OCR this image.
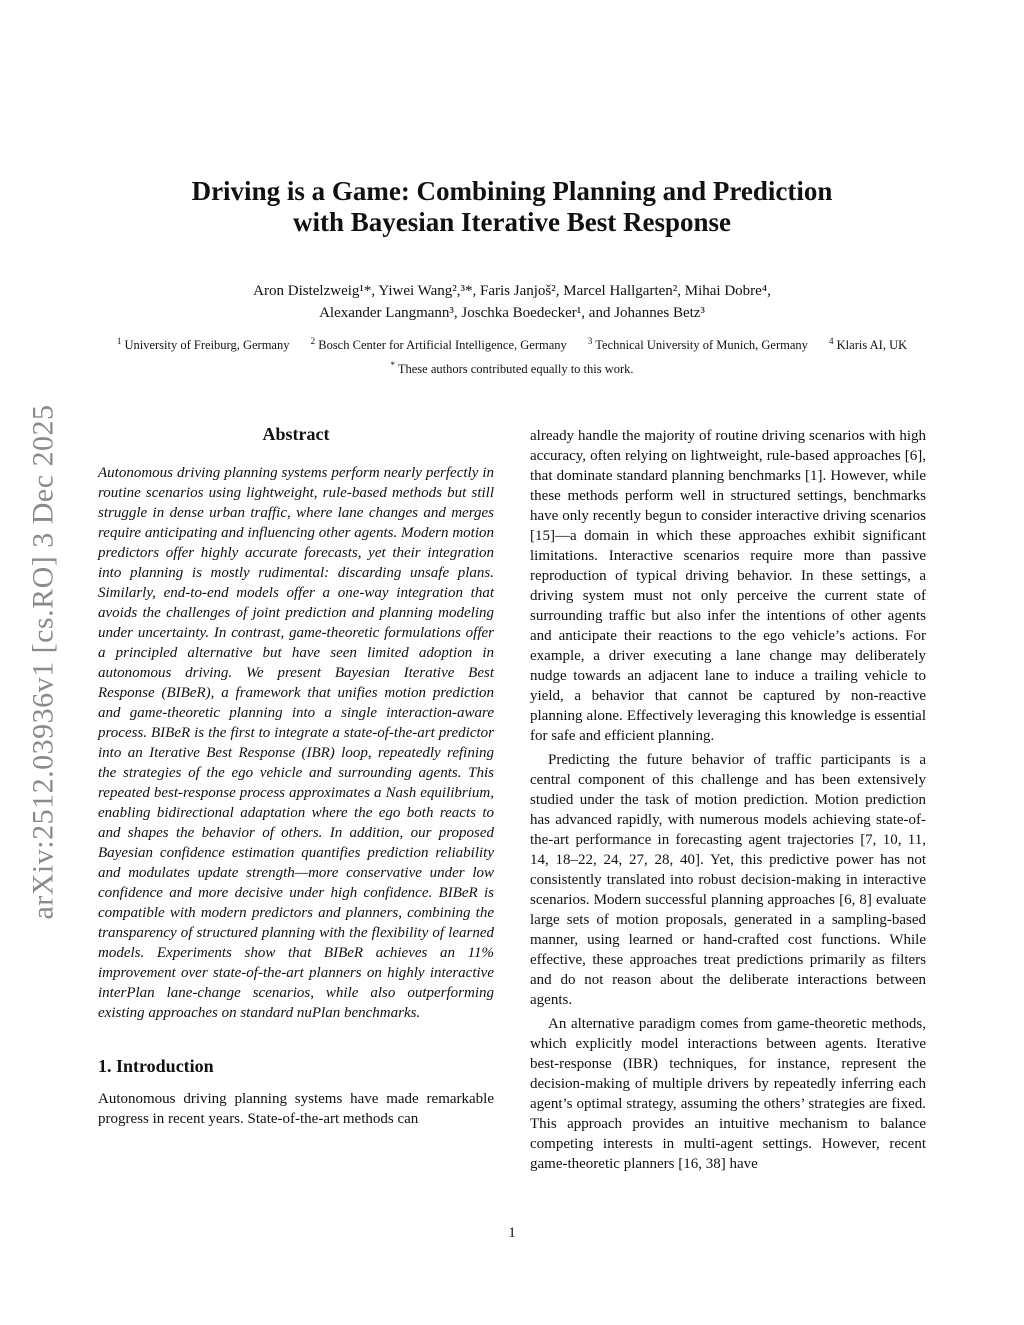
arXiv:2512.03936v1 [cs.RO] 3 Dec 2025
Driving is a Game: Combining Planning and Prediction
with Bayesian Iterative Best Response
Aron Distelzweig¹*, Yiwei Wang²,³*, Faris Janjoš², Marcel Hallgarten², Mihai Dobre⁴,
Alexander Langmann³, Joschka Boedecker¹, and Johannes Betz³
$^1$ University of Freiburg, Germany $^2$ Bosch Center for Artificial Intelligence, Germany $^3$ Technical University of Munich, Germany $^4$ Klaris AI, UK
* These authors contributed equally to this work.
Abstract
Autonomous driving planning systems perform nearly perfectly in routine scenarios using lightweight, rule-based methods but still struggle in dense urban traffic, where lane changes and merges require anticipating and influencing other agents. Modern motion predictors offer highly accurate forecasts, yet their integration into planning is mostly rudimental: discarding unsafe plans. Similarly, end-to-end models offer a one-way integration that avoids the challenges of joint prediction and planning modeling under uncertainty. In contrast, game-theoretic formulations offer a principled alternative but have seen limited adoption in autonomous driving. We present Bayesian Iterative Best Response (BIBeR), a framework that unifies motion prediction and game-theoretic planning into a single interaction-aware process. BIBeR is the first to integrate a state-of-the-art predictor into an Iterative Best Response (IBR) loop, repeatedly refining the strategies of the ego vehicle and surrounding agents. This repeated best-response process approximates a Nash equilibrium, enabling bidirectional adaptation where the ego both reacts to and shapes the behavior of others. In addition, our proposed Bayesian confidence estimation quantifies prediction reliability and modulates update strength—more conservative under low confidence and more decisive under high confidence. BIBeR is compatible with modern predictors and planners, combining the transparency of structured planning with the flexibility of learned models. Experiments show that BIBeR achieves an 11% improvement over state-of-the-art planners on highly interactive interPlan lane-change scenarios, while also outperforming existing approaches on standard nuPlan benchmarks.
1. Introduction
Autonomous driving planning systems have made remarkable progress in recent years. State-of-the-art methods can
already handle the majority of routine driving scenarios with high accuracy, often relying on lightweight, rule-based approaches [6], that dominate standard planning benchmarks [1]. However, while these methods perform well in structured settings, benchmarks have only recently begun to consider interactive driving scenarios [15]—a domain in which these approaches exhibit significant limitations. Interactive scenarios require more than passive reproduction of typical driving behavior. In these settings, a driving system must not only perceive the current state of surrounding traffic but also infer the intentions of other agents and anticipate their reactions to the ego vehicle’s actions. For example, a driver executing a lane change may deliberately nudge towards an adjacent lane to induce a trailing vehicle to yield, a behavior that cannot be captured by non-reactive planning alone. Effectively leveraging this knowledge is essential for safe and efficient planning.
Predicting the future behavior of traffic participants is a central component of this challenge and has been extensively studied under the task of motion prediction. Motion prediction has advanced rapidly, with numerous models achieving state-of-the-art performance in forecasting agent trajectories [7, 10, 11, 14, 18–22, 24, 27, 28, 40]. Yet, this predictive power has not consistently translated into robust decision-making in interactive scenarios. Modern successful planning approaches [6, 8] evaluate large sets of motion proposals, generated in a sampling-based manner, using learned or hand-crafted cost functions. While effective, these approaches treat predictions primarily as filters and do not reason about the deliberate interactions between agents.
An alternative paradigm comes from game-theoretic methods, which explicitly model interactions between agents. Iterative best-response (IBR) techniques, for instance, represent the decision-making of multiple drivers by repeatedly inferring each agent’s optimal strategy, assuming the others’ strategies are fixed. This approach provides an intuitive mechanism to balance competing interests in multi-agent settings. However, recent game-theoretic planners [16, 38] have
1
